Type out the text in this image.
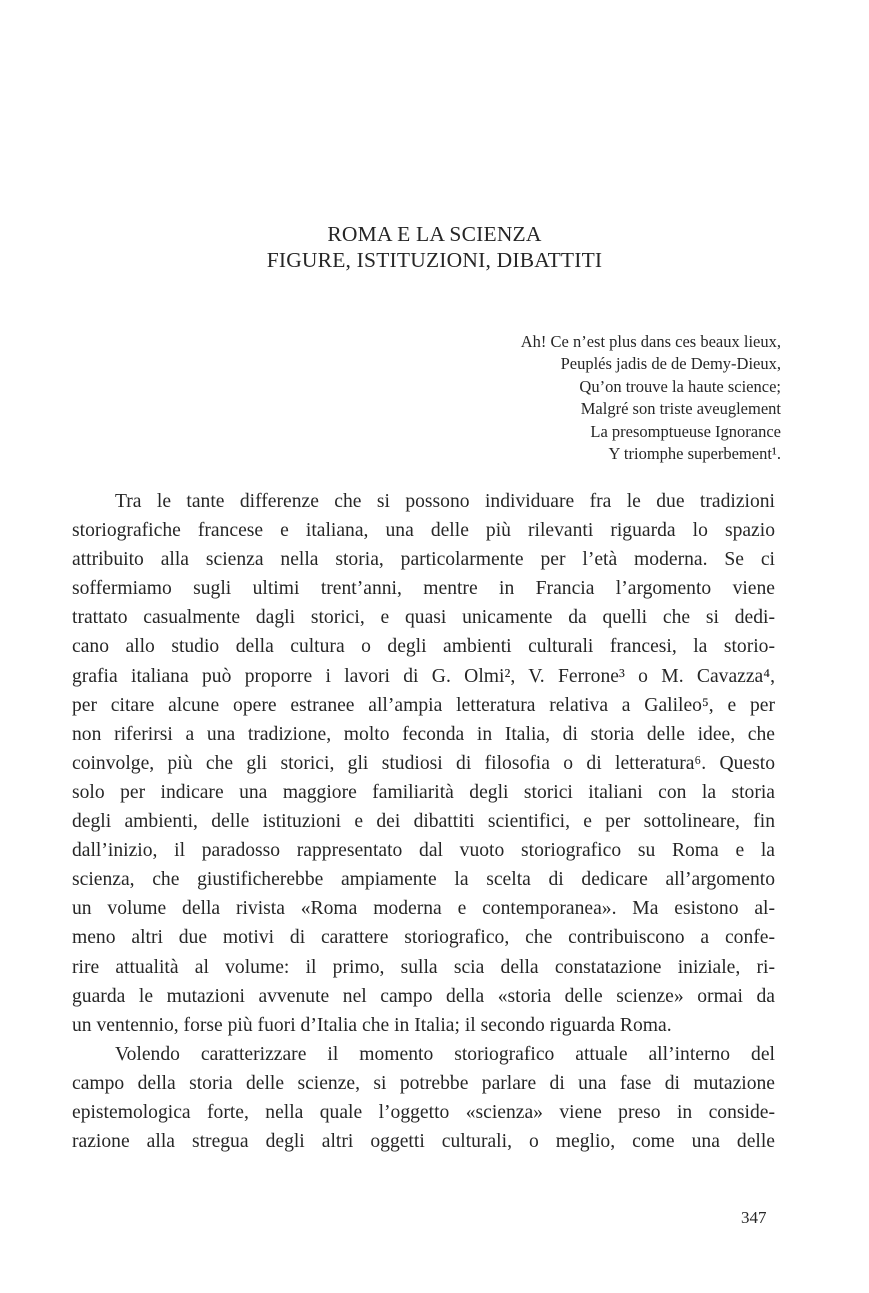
ROMA E LA SCIENZA
FIGURE, ISTITUZIONI, DIBATTITI
Ah! Ce n’est plus dans ces beaux lieux,
Peuplés jadis de de Demy-Dieux,
Qu’on trouve la haute science;
Malgré son triste aveuglement
La presomptueuse Ignorance
Y triomphe superbement¹.
Tra le tante differenze che si possono individuare fra le due tradizioni
storiografiche francese e italiana, una delle più rilevanti riguarda lo spazio
attribuito alla scienza nella storia, particolarmente per l’età moderna. Se ci
soffermiamo sugli ultimi trent’anni, mentre in Francia l’argomento viene
trattato casualmente dagli storici, e quasi unicamente da quelli che si dedi-
cano allo studio della cultura o degli ambienti culturali francesi, la storio-
grafia italiana può proporre i lavori di G. Olmi², V. Ferrone³ o M. Cavazza⁴,
per citare alcune opere estranee all’ampia letteratura relativa a Galileo⁵, e per
non riferirsi a una tradizione, molto feconda in Italia, di storia delle idee, che
coinvolge, più che gli storici, gli studiosi di filosofia o di letteratura⁶. Questo
solo per indicare una maggiore familiarità degli storici italiani con la storia
degli ambienti, delle istituzioni e dei dibattiti scientifici, e per sottolineare, fin
dall’inizio, il paradosso rappresentato dal vuoto storiografico su Roma e la
scienza, che giustificherebbe ampiamente la scelta di dedicare all’argomento
un volume della rivista «Roma moderna e contemporanea». Ma esistono al-
meno altri due motivi di carattere storiografico, che contribuiscono a confe-
rire attualità al volume: il primo, sulla scia della constatazione iniziale, ri-
guarda le mutazioni avvenute nel campo della «storia delle scienze» ormai da
un ventennio, forse più fuori d’Italia che in Italia; il secondo riguarda Roma.
Volendo caratterizzare il momento storiografico attuale all’interno del
campo della storia delle scienze, si potrebbe parlare di una fase di mutazione
epistemologica forte, nella quale l’oggetto «scienza» viene preso in conside-
razione alla stregua degli altri oggetti culturali, o meglio, come una delle
347
